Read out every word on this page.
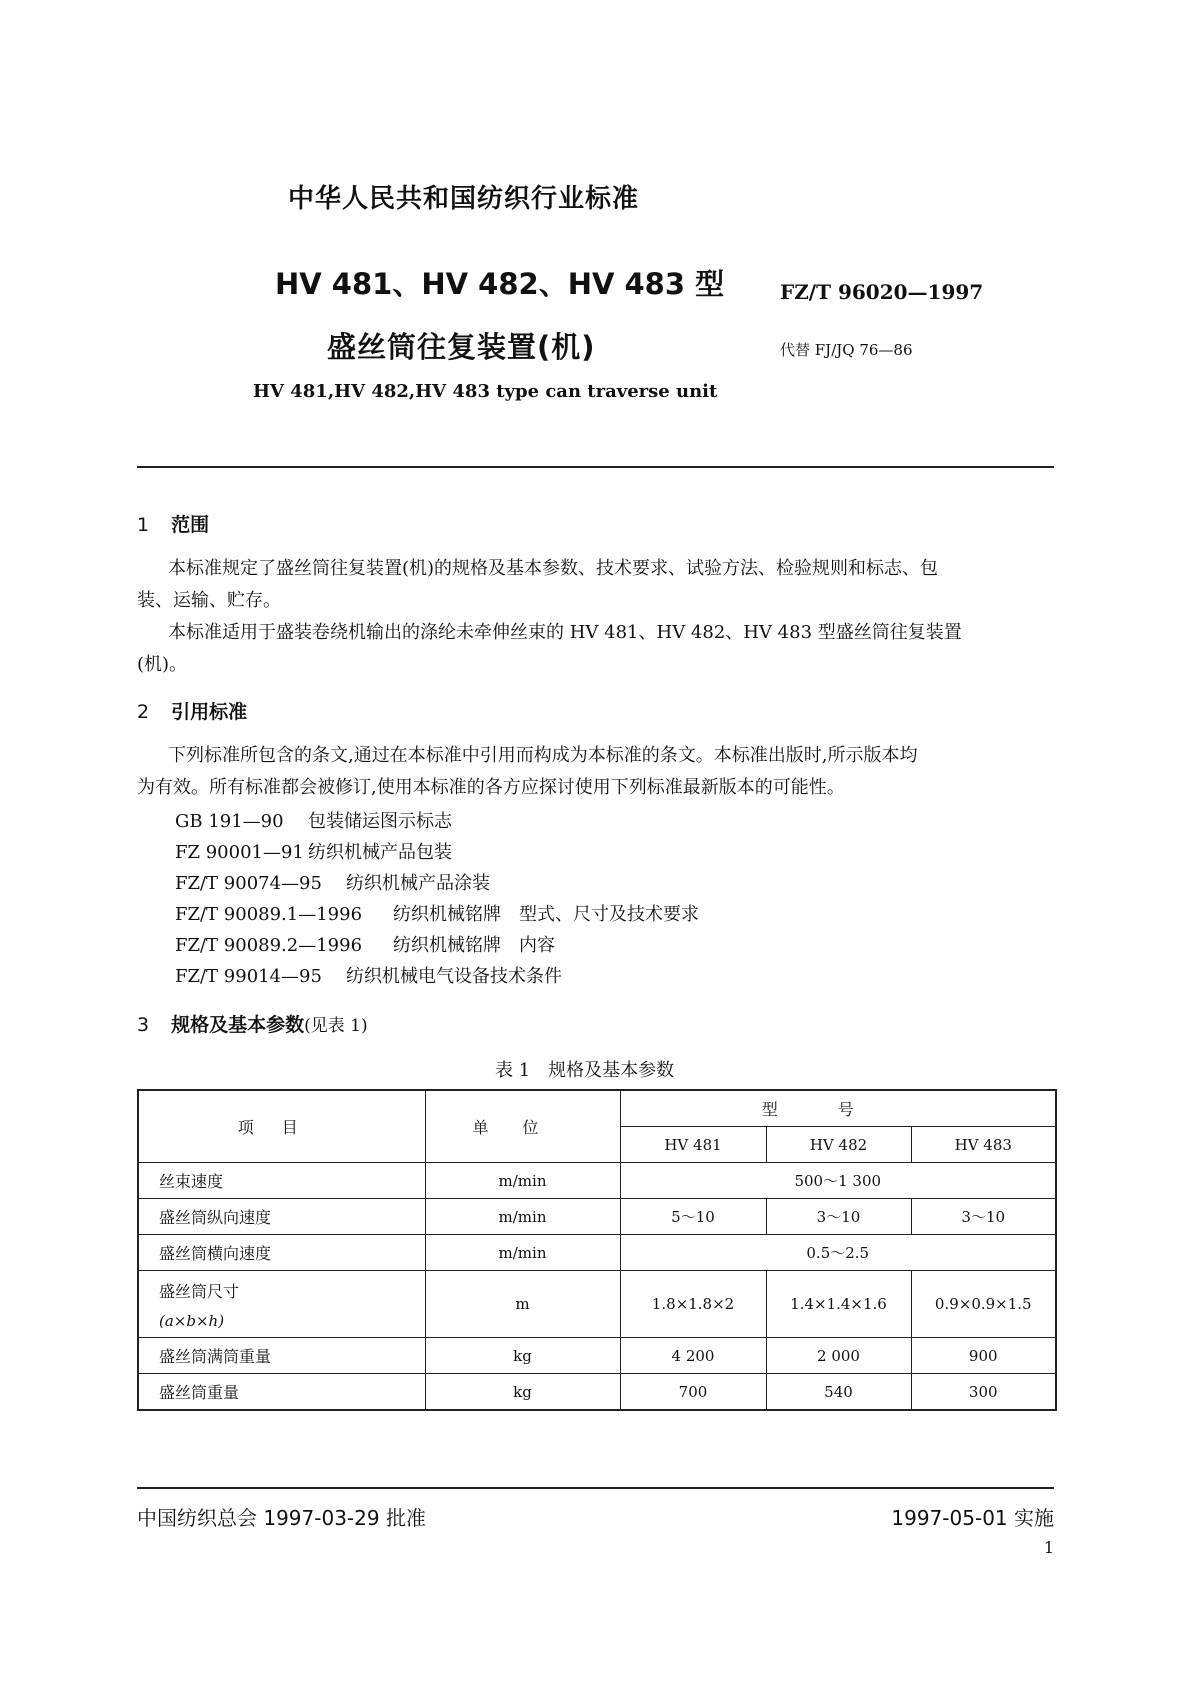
中华人民共和国纺织行业标准
HV 481、HV 482、HV 483 型
盛丝筒往复装置(机)
HV 481,HV 482,HV 483 type can traverse unit
FZ/T 96020—1997
代替 FJ/JQ 76—86
1 范围
本标准规定了盛丝筒往复装置(机)的规格及基本参数、技术要求、试验方法、检验规则和标志、包
装、运输、贮存。
本标准适用于盛装卷绕机输出的涤纶未牵伸丝束的 HV 481、HV 482、HV 483 型盛丝筒往复装置
(机)。
2 引用标准
下列标准所包含的条文,通过在本标准中引用而构成为本标准的条文。本标准出版时,所示版本均
为有效。所有标准都会被修订,使用本标准的各方应探讨使用下列标准最新版本的可能性。
GB 191—90 包装储运图示标志
FZ 90001—91 纺织机械产品包装
FZ/T 90074—95 纺织机械产品涂装
FZ/T 90089.1—1996 纺织机械铭牌　型式、尺寸及技术要求
FZ/T 90089.2—1996 纺织机械铭牌　内容
FZ/T 99014—95 纺织机械电气设备技术条件
3 规格及基本参数(见表 1)
表 1　规格及基本参数
项目	单位	型号		
		HV 481	HV 482	HV 483
丝束速度	m/min	500～1 300		
盛丝筒纵向速度	m/min	5～10	3～10	3～10
盛丝筒横向速度	m/min	0.5～2.5		
盛丝筒尺寸
(a×b×h)	m	1.8×1.8×2	1.4×1.4×1.6	0.9×0.9×1.5
盛丝筒满筒重量	kg	4 200	2 000	900
盛丝筒重量	kg	700	540	300
中国纺织总会 1997-03-29 批准	1997-05-01 实施
1
